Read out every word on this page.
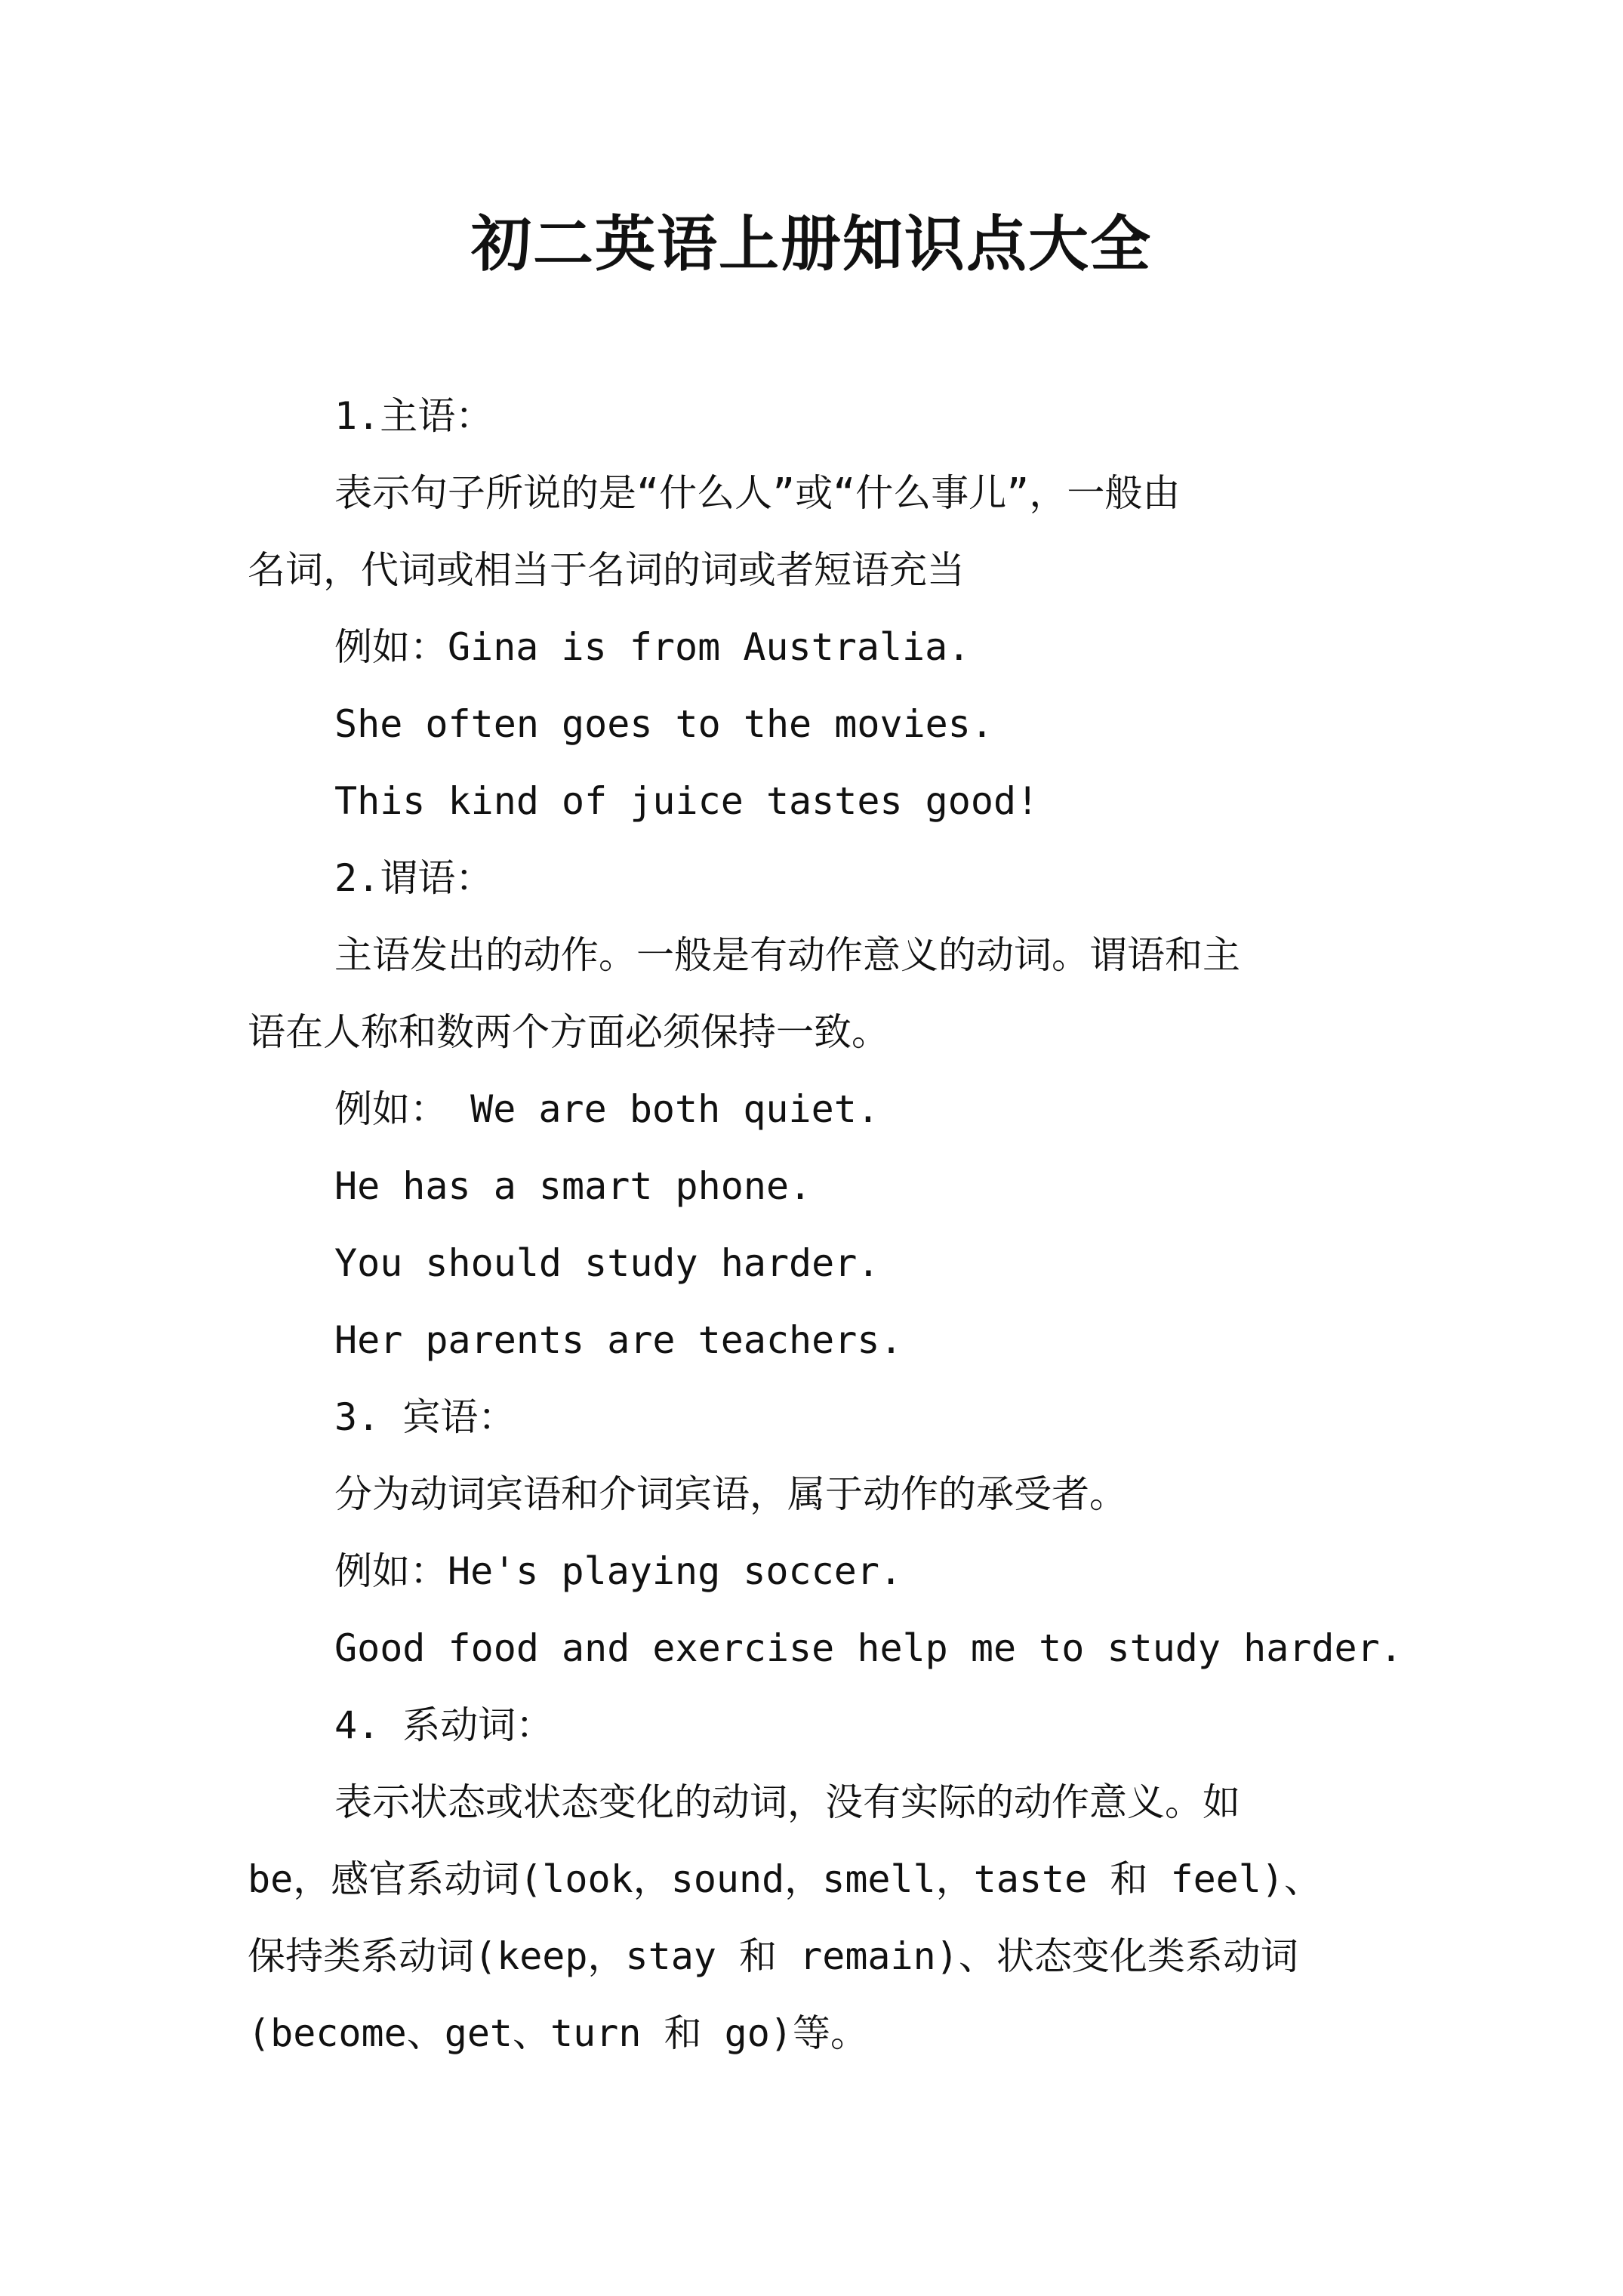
初二英语上册知识点大全
1.主语：
表示句子所说的是“什么人”或“什么事儿”，一般由
名词，代词或相当于名词的词或者短语充当
例如：Gina is from Australia.
She often goes to the movies.
This kind of juice tastes good!
2.谓语：
主语发出的动作。一般是有动作意义的动词。谓语和主
语在人称和数两个方面必须保持一致。
例如： We are both quiet.
He has a smart phone.
You should study harder.
Her parents are teachers.
3. 宾语：
分为动词宾语和介词宾语，属于动作的承受者。
例如：He's playing soccer.
Good food and exercise help me to study harder.
4. 系动词：
表示状态或状态变化的动词，没有实际的动作意义。如
be，感官系动词(look，sound，smell，taste 和 feel)、
保持类系动词(keep，stay 和 remain)、状态变化类系动词
(become、get、turn 和 go)等。
